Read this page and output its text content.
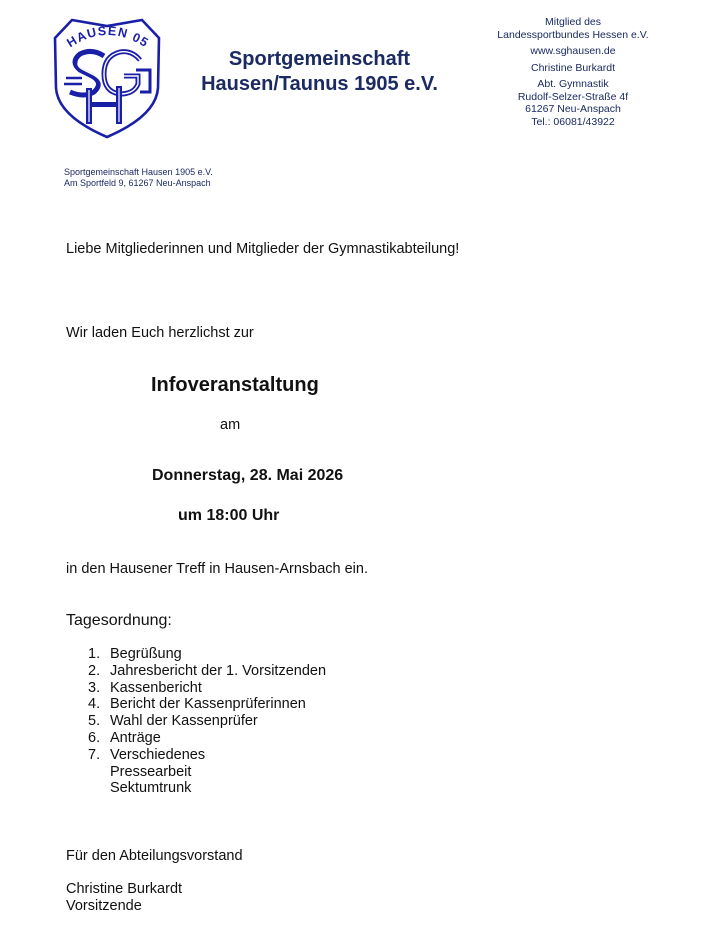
HAUSEN 05
Sportgemeinschaft
Hausen/Taunus 1905 e.V.
Mitglied des
Landessportbundes Hessen e.V.
www.sghausen.de
Christine Burkardt
Abt. Gymnastik
Rudolf-Selzer-Straße 4f
61267 Neu-Anspach
Tel.: 06081/43922
Sportgemeinschaft Hausen 1905 e.V.
Am Sportfeld 9, 61267 Neu-Anspach
Liebe Mitgliederinnen und Mitglieder der Gymnastikabteilung!
Wir laden Euch herzlichst zur
Infoveranstaltung
am
Donnerstag, 28. Mai 2026
um 18:00 Uhr
in den Hausener Treff in Hausen-Arnsbach ein.
Tagesordnung:
1. Begrüßung
2. Jahresbericht der 1. Vorsitzenden
3. Kassenbericht
4. Bericht der Kassenprüferinnen
5. Wahl der Kassenprüfer
6. Anträge
7. Verschiedenes
Pressearbeit
Sektumtrunk
Für den Abteilungsvorstand
Christine Burkardt
Vorsitzende
